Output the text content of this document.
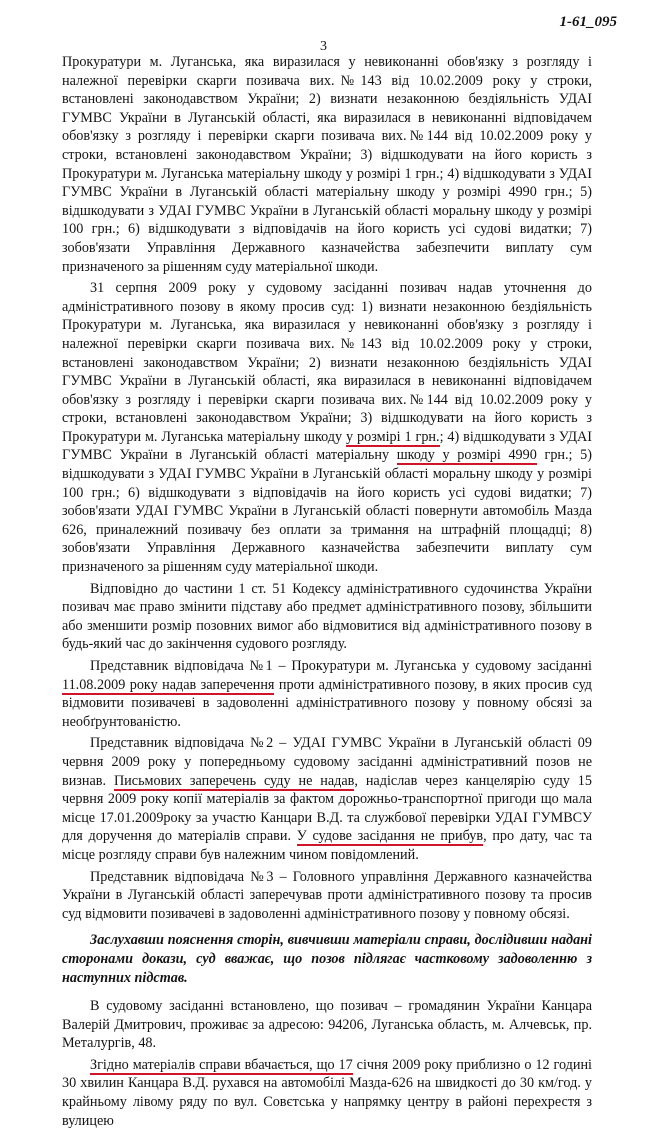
1-61_095
3

Прокуратури м. Луганська, яка виразилася у невиконанні обов'язку з розгляду і належної перевірки скарги позивача вих.№143 від 10.02.2009 року у строки, встановлені законодавством України; 2) визнати незаконною бездіяльність УДАІ ГУМВС України в Луганській області, яка виразилася в невиконанні відповідачем обов'язку з розгляду і перевірки скарги позивача вих.№144 від 10.02.2009 року у строки, встановлені законодавством України; 3) відшкодувати на його користь з Прокуратури м. Луганська матеріальну шкоду у розмірі 1 грн.; 4) відшкодувати з УДАІ ГУМВС України в Луганській області матеріальну шкоду у розмірі 4990 грн.; 5) відшкодувати з УДАІ ГУМВС України в Луганській області моральну шкоду у розмірі 100 грн.; 6) відшкодувати з відповідачів на його користь усі судові видатки; 7) зобов'язати Управління Державного казначейства забезпечити виплату сум призначеного за рішенням суду матеріальної шкоди.

31 серпня 2009 року у судовому засіданні позивач надав уточнення до адміністративного позову в якому просив суд: 1) визнати незаконною бездіяльність Прокуратури м. Луганська, яка виразилася у невиконанні обов'язку з розгляду і належної перевірки скарги позивача вих.№143 від 10.02.2009 року у строки, встановлені законодавством України; 2) визнати незаконною бездіяльність УДАІ ГУМВС України в Луганській області, яка виразилася в невиконанні відповідачем обов'язку з розгляду і перевірки скарги позивача вих.№144 від 10.02.2009 року у строки, встановлені законодавством України; 3) відшкодувати на його користь з Прокуратури м. Луганська матеріальну шкоду у розмірі 1 грн.; 4) відшкодувати з УДАІ ГУМВС України в Луганській області матеріальну шкоду у розмірі 4990 грн.; 5) відшкодувати з УДАІ ГУМВС України в Луганській області моральну шкоду у розмірі 100 грн.; 6) відшкодувати з відповідачів на його користь усі судові видатки; 7) зобов'язати УДАІ ГУМВС України в Луганській області повернути автомобіль Мазда 626, приналежний позивачу без оплати за тримання на штрафній площадці; 8) зобов'язати Управління Державного казначейства забезпечити виплату сум призначеного за рішенням суду матеріальної шкоди.

Відповідно до частини 1 ст. 51 Кодексу адміністративного судочинства України позивач має право змінити підставу або предмет адміністративного позову, збільшити або зменшити розмір позовних вимог або відмовитися від адміністративного позову в будь-який час до закінчення судового розгляду.

Представник відповідача №1 – Прокуратури м. Луганська у судовому засіданні 11.08.2009 року надав заперечення проти адміністративного позову, в яких просив суд відмовити позивачеві в задоволенні адміністративного позову у повному обсязі за необґрунтованістю.

Представник відповідача №2 – УДАІ ГУМВС України в Луганській області 09 червня 2009 року у попередньому судовому засіданні адміністративний позов не визнав. Письмових заперечень суду не надав, надіслав через канцелярію суду 15 червня 2009 року копії матеріалів за фактом дорожньо-транспортної пригоди що мала місце 17.01.2009року за участю Канцари В.Д. та службової перевірки УДАІ ГУМВСУ для доручення до матеріалів справи. У судове засідання не прибув, про дату, час та місце розгляду справи був належним чином повідомлений.

Представник відповідача №3 – Головного управління Державного казначейства України в Луганській області заперечував проти адміністративного позову та просив суд відмовити позивачеві в задоволенні адміністративного позову у повному обсязі.

Заслухавши пояснення сторін, вивчивши матеріали справи, дослідивши надані сторонами докази, суд вважає, що позов підлягає частковому задоволенню з наступних підстав.

В судовому засіданні встановлено, що позивач – громадянин України Канцара Валерій Дмитрович, проживає за адресою: 94206, Луганська область, м. Алчевськ, пр. Металургів, 48.

Згідно матеріалів справи вбачається, що 17 січня 2009 року приблизно о 12 годині 30 хвилин Канцара В.Д. рухався на автомобілі Мазда-626 на швидкості до 30 км/год. у крайньому лівому ряду по вул. Совєтська у напрямку центру в районі перехрестя з вулицею
